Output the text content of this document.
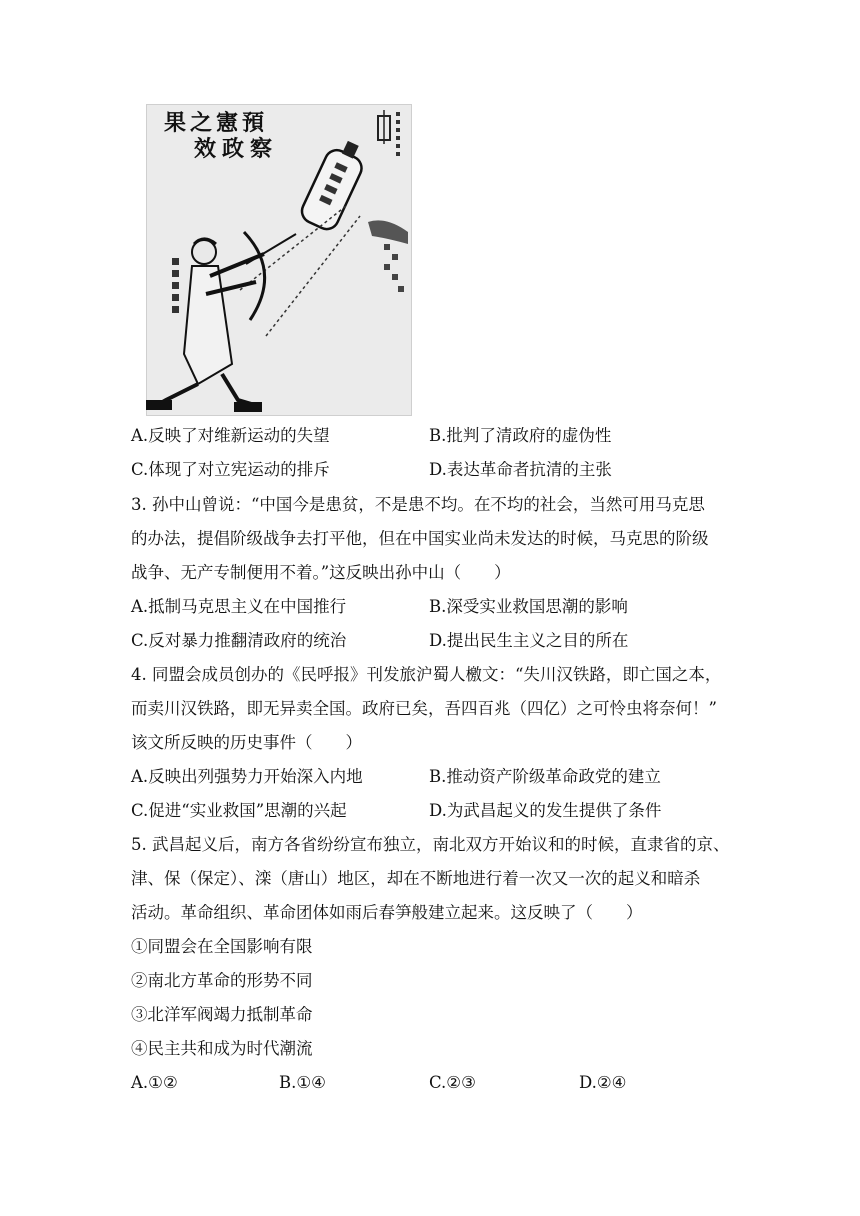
果 之 憲 預
效 政 察
A.反映了对维新运动的失望	B.批判了清政府的虚伪性
C.体现了对立宪运动的排斥	D.表达革命者抗清的主张
3. 孙中山曾说：“中国今是患贫，不是患不均。在不均的社会，当然可用马克思
的办法，提倡阶级战争去打平他，但在中国实业尚未发达的时候，马克思的阶级
战争、无产专制便用不着。”这反映出孙中山（　　）
A.抵制马克思主义在中国推行	B.深受实业救国思潮的影响
C.反对暴力推翻清政府的统治	D.提出民生主义之目的所在
4. 同盟会成员创办的《民呼报》刊发旅沪蜀人檄文：“失川汉铁路，即亡国之本，
而卖川汉铁路，即无异卖全国。政府已矣，吾四百兆（四亿）之可怜虫将奈何！”
该文所反映的历史事件（　　）
A.反映出列强势力开始深入内地	B.推动资产阶级革命政党的建立
C.促进“实业救国”思潮的兴起	D.为武昌起义的发生提供了条件
5. 武昌起义后，南方各省纷纷宣布独立，南北双方开始议和的时候，直隶省的京、
津、保（保定）、滦（唐山）地区，却在不断地进行着一次又一次的起义和暗杀
活动。革命组织、革命团体如雨后春笋般建立起来。这反映了（　　）
①同盟会在全国影响有限
②南北方革命的形势不同
③北洋军阀竭力抵制革命
④民主共和成为时代潮流
A.①②	B.①④	C.②③	D.②④
